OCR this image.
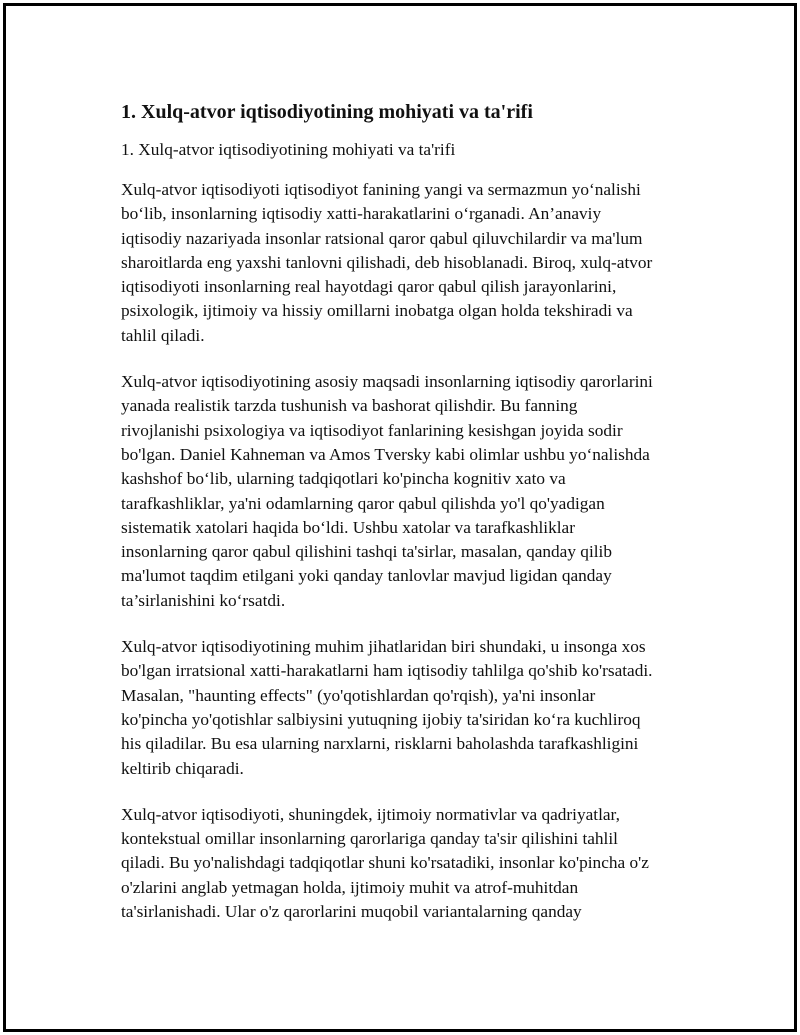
1. Xulq-atvor iqtisodiyotining mohiyati va ta'rifi
1. Xulq-atvor iqtisodiyotining mohiyati va ta'rifi
Xulq-atvor iqtisodiyoti iqtisodiyot fanining yangi va sermazmun yo‘nalishi
bo‘lib, insonlarning iqtisodiy xatti-harakatlarini o‘rganadi. An’anaviy
iqtisodiy nazariyada insonlar ratsional qaror qabul qiluvchilardir va ma'lum
sharoitlarda eng yaxshi tanlovni qilishadi, deb hisoblanadi. Biroq, xulq-atvor
iqtisodiyoti insonlarning real hayotdagi qaror qabul qilish jarayonlarini,
psixologik, ijtimoiy va hissiy omillarni inobatga olgan holda tekshiradi va
tahlil qiladi.
Xulq-atvor iqtisodiyotining asosiy maqsadi insonlarning iqtisodiy qarorlarini
yanada realistik tarzda tushunish va bashorat qilishdir. Bu fanning
rivojlanishi psixologiya va iqtisodiyot fanlarining kesishgan joyida sodir
bo'lgan. Daniel Kahneman va Amos Tversky kabi olimlar ushbu yo‘nalishda
kashshof bo‘lib, ularning tadqiqotlari ko'pincha kognitiv xato va
tarafkashliklar, ya'ni odamlarning qaror qabul qilishda yo'l qo'yadigan
sistematik xatolari haqida bo‘ldi. Ushbu xatolar va tarafkashliklar
insonlarning qaror qabul qilishini tashqi ta'sirlar, masalan, qanday qilib
ma'lumot taqdim etilgani yoki qanday tanlovlar mavjud ligidan qanday
ta’sirlanishini ko‘rsatdi.
Xulq-atvor iqtisodiyotining muhim jihatlaridan biri shundaki, u insonga xos
bo'lgan irratsional xatti-harakatlarni ham iqtisodiy tahlilga qo'shib ko'rsatadi.
Masalan, "haunting effects" (yo'qotishlardan qo'rqish), ya'ni insonlar
ko'pincha yo'qotishlar salbiysini yutuqning ijobiy ta'siridan ko‘ra kuchliroq
his qiladilar. Bu esa ularning narxlarni, risklarni baholashda tarafkashligini
keltirib chiqaradi.
Xulq-atvor iqtisodiyoti, shuningdek, ijtimoiy normativlar va qadriyatlar,
kontekstual omillar insonlarning qarorlariga qanday ta'sir qilishini tahlil
qiladi. Bu yo'nalishdagi tadqiqotlar shuni ko'rsatadiki, insonlar ko'pincha o'z
o'zlarini anglab yetmagan holda, ijtimoiy muhit va atrof-muhitdan
ta'sirlanishadi. Ular o'z qarorlarini muqobil variantalarning qanday
